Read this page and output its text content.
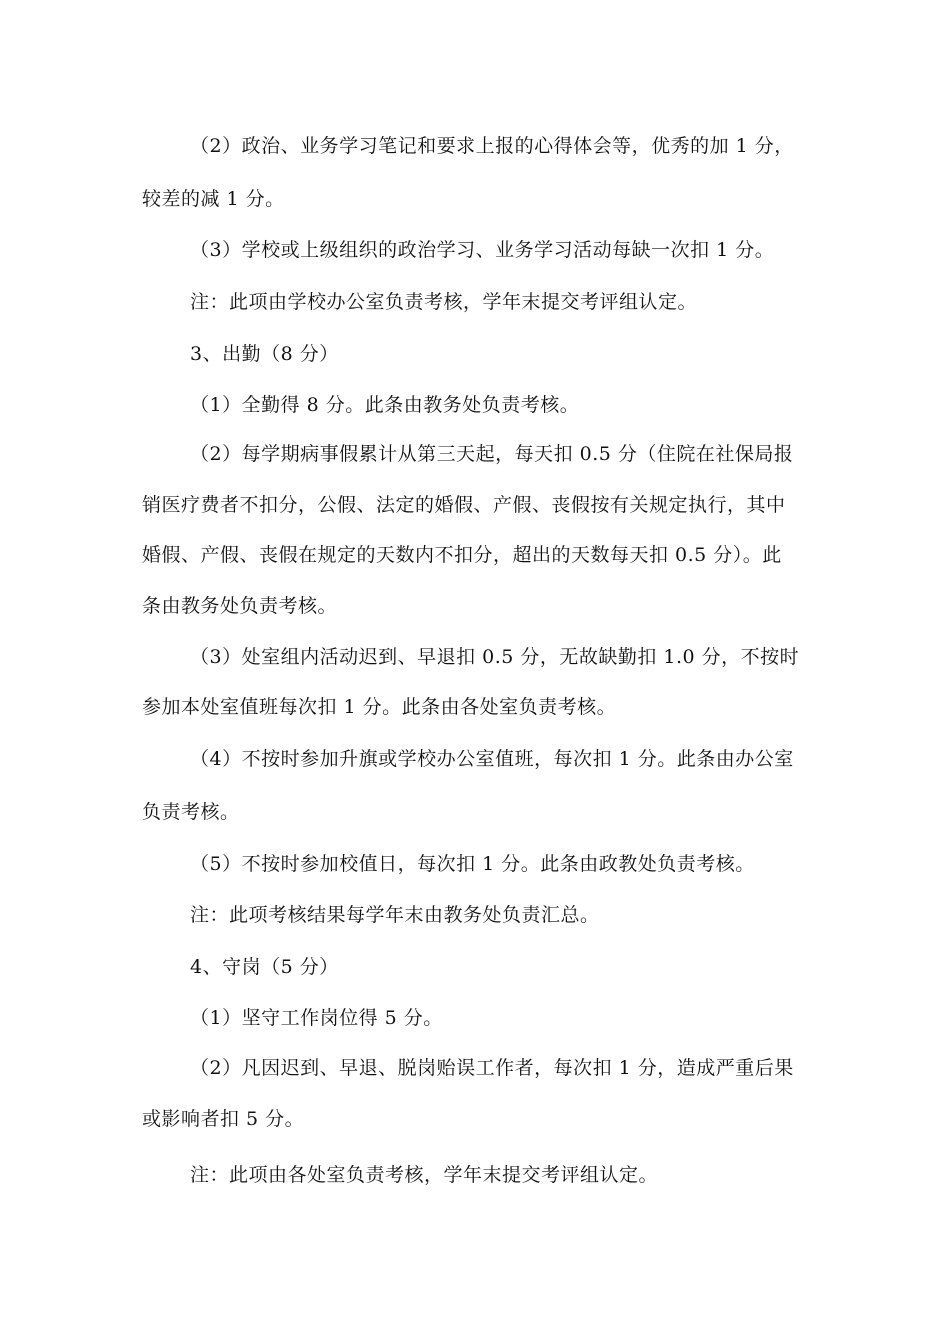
（2）政治、业务学习笔记和要求上报的心得体会等，优秀的加 1 分，
较差的减 1 分。
（3）学校或上级组织的政治学习、业务学习活动每缺一次扣 1 分。
注：此项由学校办公室负责考核，学年末提交考评组认定。
3、出勤（8 分）
（1）全勤得 8 分。此条由教务处负责考核。
（2）每学期病事假累计从第三天起，每天扣 0.5 分（住院在社保局报
销医疗费者不扣分，公假、法定的婚假、产假、丧假按有关规定执行，其中
婚假、产假、丧假在规定的天数内不扣分，超出的天数每天扣 0.5 分）。此
条由教务处负责考核。
（3）处室组内活动迟到、早退扣 0.5 分，无故缺勤扣 1.0 分，不按时
参加本处室值班每次扣 1 分。此条由各处室负责考核。
（4）不按时参加升旗或学校办公室值班，每次扣 1 分。此条由办公室
负责考核。
（5）不按时参加校值日，每次扣 1 分。此条由政教处负责考核。
注：此项考核结果每学年末由教务处负责汇总。
4、守岗（5 分）
（1）坚守工作岗位得 5 分。
（2）凡因迟到、早退、脱岗贻误工作者，每次扣 1 分，造成严重后果
或影响者扣 5 分。
注：此项由各处室负责考核，学年末提交考评组认定。
